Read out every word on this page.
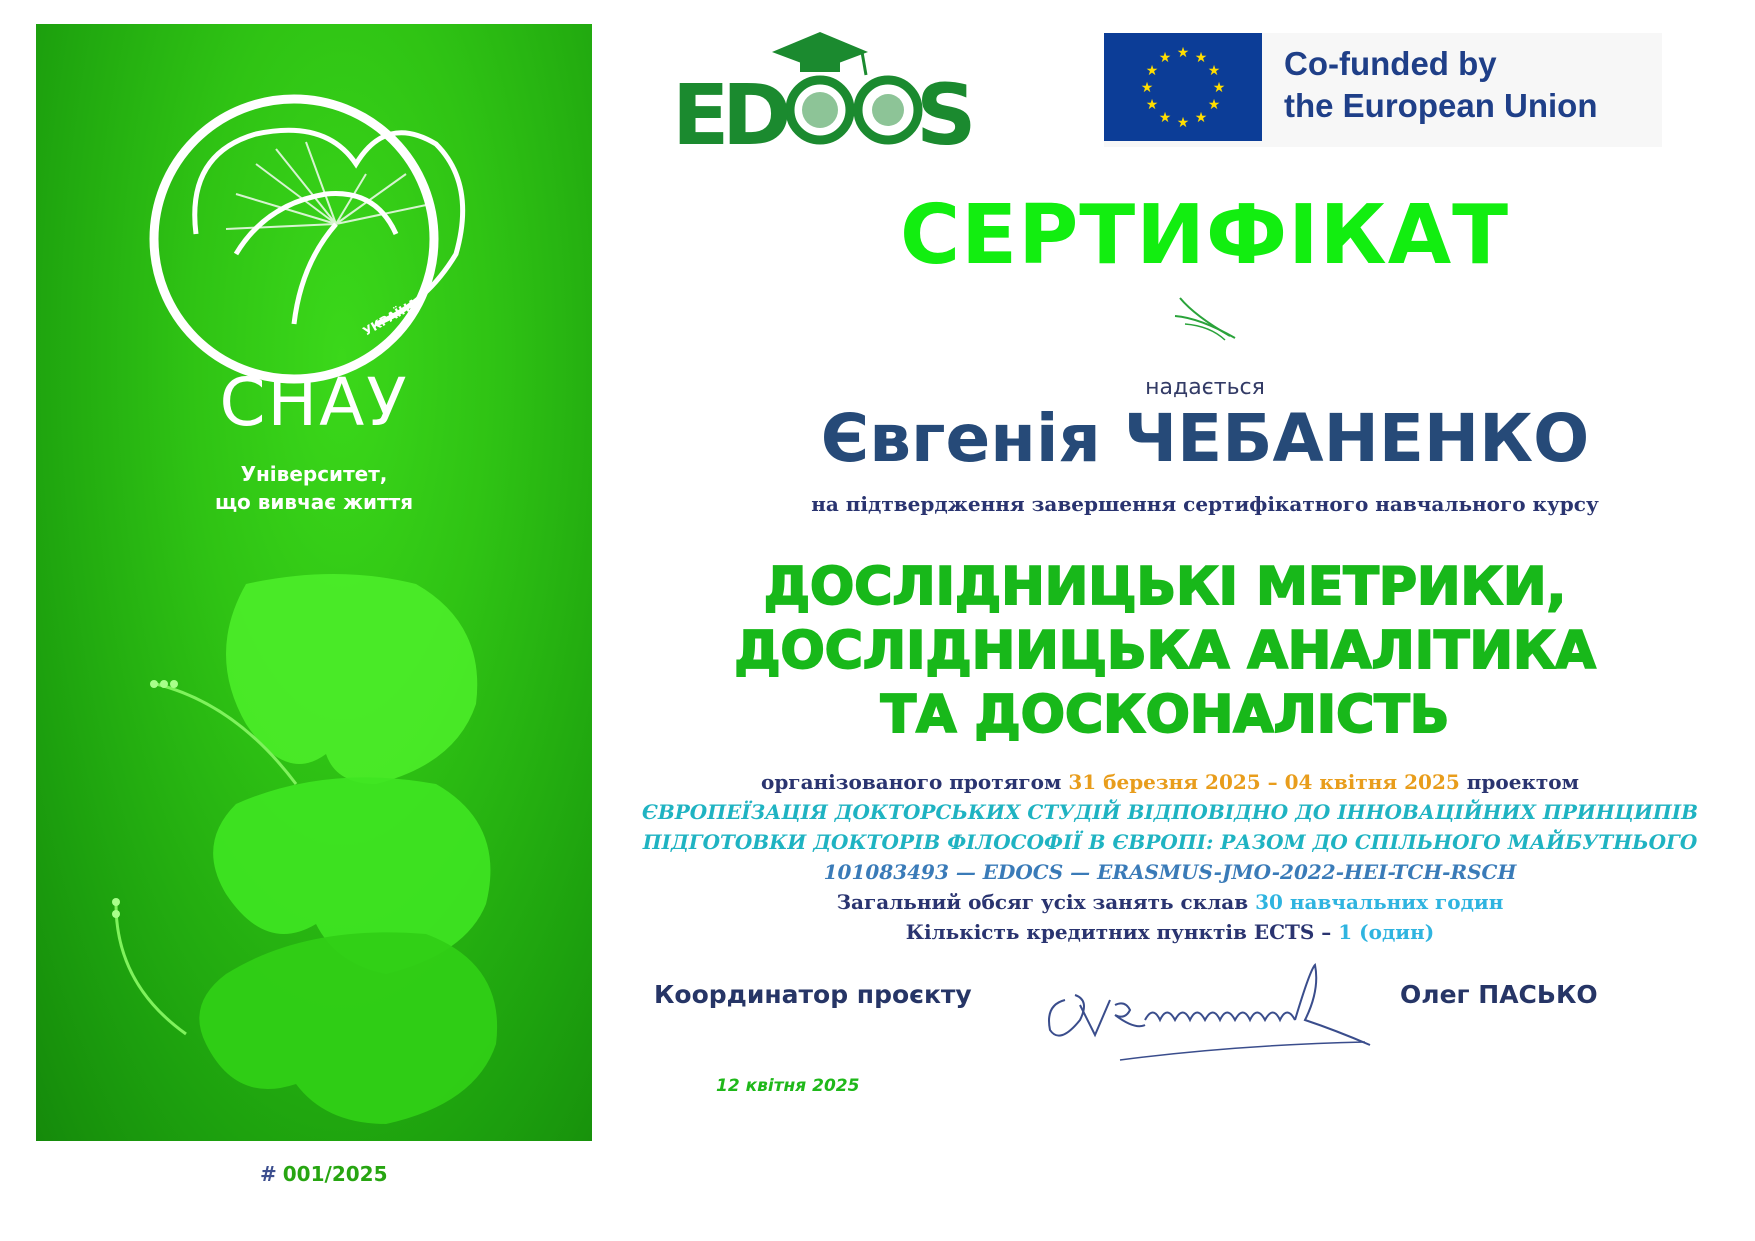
УКРАЇНА
СНАУ
Університет,
що вивчає життя
# 001/2025
E
D S
★ ★
★
★
★
★
★
★
★
★
★
★	Co-funded by
the European Union
СЕРТИФІКАТ
надається
Євгенія ЧЕБАНЕНКО
на підтвердження завершення сертифікатного навчального курсу
ДОСЛІДНИЦЬКІ МЕТРИКИ,
ДОСЛІДНИЦЬКА АНАЛІТИКА
ТА ДОСКОНАЛІСТЬ
організованого протягом 31 березня 2025 – 04 квітня 2025 проектом
ЄВРОПЕЇЗАЦІЯ ДОКТОРСЬКИХ СТУДІЙ ВІДПОВІДНО ДО ІННОВАЦІЙНИХ ПРИНЦИПІВ
ПІДГОТОВКИ ДОКТОРІВ ФІЛОСОФІЇ В ЄВРОПІ: РАЗОМ ДО СПІЛЬНОГО МАЙБУТНЬОГО
101083493 — EDOCS — ERASMUS-JMO-2022-HEI-TCH-RSCH
Загальний обсяг усіх занять склав 30 навчальних годин
Кількість кредитних пунктів ECTS – 1 (один)
Координатор проєкту	Олег ПАСЬКО
12 квітня 2025
